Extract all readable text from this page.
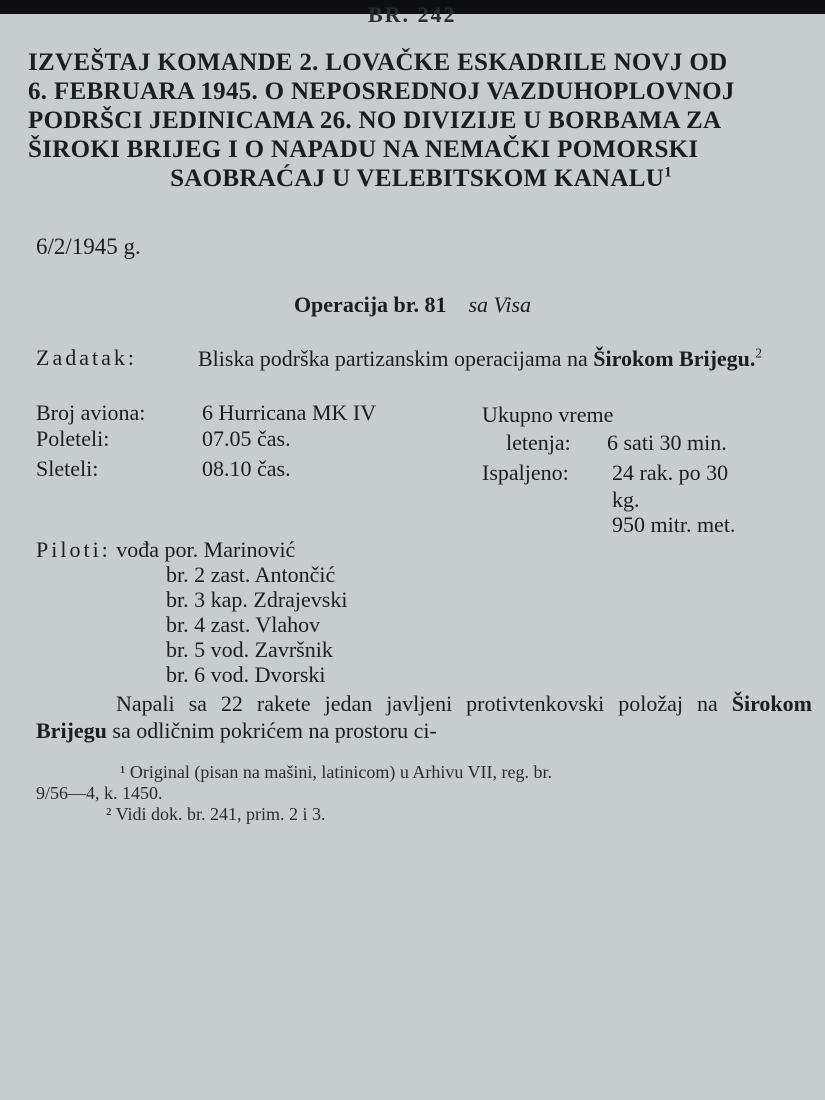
BR. 242
IZVEŠTAJ KOMANDE 2. LOVAČKE ESKADRILE NOVJ OD
6. FEBRUARA 1945. O NEPOSREDNOJ VAZDUHOPLOVNOJ
PODRŠCI JEDINICAMA 26. NO DIVIZIJE U BORBAMA ZA
ŠIROKI BRIJEG I O NAPADU NA NEMAČKI POMORSKI
SAOBRAĆAJ U VELEBITSKOM KANALU$^1$
6/2/1945 g.
Operacija br. 81 sa Visa
Zadatak:	Bliska podrška partizanskim operacijama na Širokom Brijegu.$^2$
Broj aviona:	6 Hurricana MK IV
Poleteli:	07.05 čas.
Sleteli:	08.10 čas.
Ukupno vreme
letenja: 6 sati 30 min.
Ispaljeno: 24 rak. po 30
kg.
950 mitr. met.
Piloti: vođa por. Marinović
br. 2 zast. Antončić
br. 3 kap. Zdrajevski
br. 4 zast. Vlahov
br. 5 vod. Završnik
br. 6 vod. Dvorski
Napali sa 22 rakete jedan javljeni protivtenkovski položaj na Širokom Brijegu sa odličnim pokrićem na prostoru ci-
¹ Original (pisan na mašini, latinicom) u Arhivu VII, reg. br.
9/56—4, k. 1450.
² Vidi dok. br. 241, prim. 2 i 3.
